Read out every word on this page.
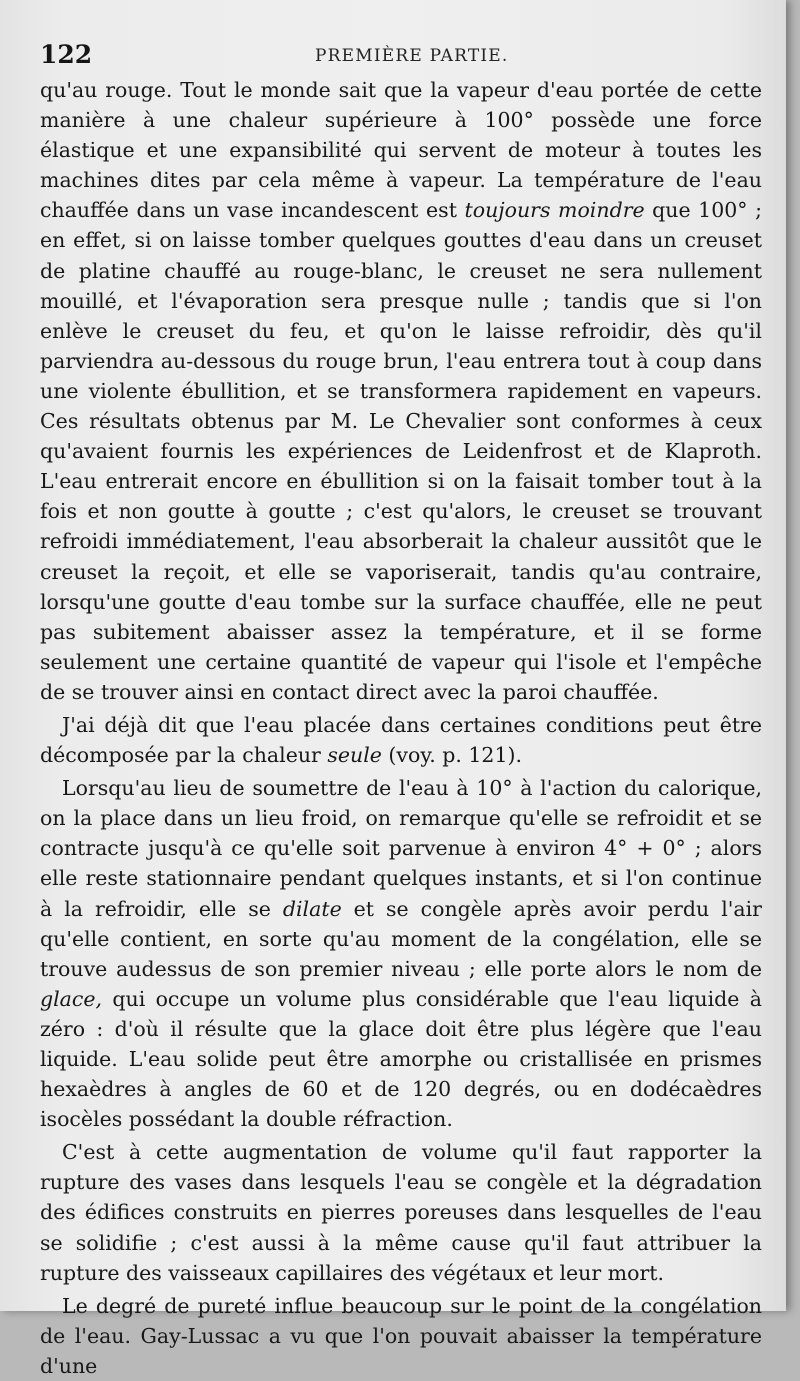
122	PREMIÈRE PARTIE.

qu'au rouge. Tout le monde sait que la vapeur d'eau portée de cette manière à une chaleur supérieure à 100° possède une force élastique et une expansibilité qui servent de moteur à toutes les machines dites par cela même à vapeur. La température de l'eau chauffée dans un vase incandescent est toujours moindre que 100° ; en effet, si on laisse tomber quelques gouttes d'eau dans un creuset de platine chauffé au rouge-blanc, le creuset ne sera nullement mouillé, et l'évaporation sera presque nulle ; tandis que si l'on enlève le creuset du feu, et qu'on le laisse refroidir, dès qu'il parviendra au-dessous du rouge brun, l'eau entrera tout à coup dans une violente ébullition, et se transformera rapidement en vapeurs. Ces résultats obtenus par M. Le Chevalier sont conformes à ceux qu'avaient fournis les expériences de Leidenfrost et de Klaproth. L'eau entrerait encore en ébullition si on la faisait tomber tout à la fois et non goutte à goutte ; c'est qu'alors, le creuset se trouvant refroidi immédiatement, l'eau absorberait la chaleur aussitôt que le creuset la reçoit, et elle se vaporiserait, tandis qu'au contraire, lorsqu'une goutte d'eau tombe sur la surface chauffée, elle ne peut pas subitement abaisser assez la température, et il se forme seulement une certaine quantité de vapeur qui l'isole et l'empêche de se trouver ainsi en contact direct avec la paroi chauffée.

J'ai déjà dit que l'eau placée dans certaines conditions peut être décomposée par la chaleur seule (voy. p. 121).

Lorsqu'au lieu de soumettre de l'eau à 10° à l'action du calorique, on la place dans un lieu froid, on remarque qu'elle se refroidit et se contracte jusqu'à ce qu'elle soit parvenue à environ 4° + 0° ; alors elle reste stationnaire pendant quelques instants, et si l'on continue à la refroidir, elle se dilate et se congèle après avoir perdu l'air qu'elle contient, en sorte qu'au moment de la congélation, elle se trouve audessus de son premier niveau ; elle porte alors le nom de glace, qui occupe un volume plus considérable que l'eau liquide à zéro : d'où il résulte que la glace doit être plus légère que l'eau liquide. L'eau solide peut être amorphe ou cristallisée en prismes hexaèdres à angles de 60 et de 120 degrés, ou en dodécaèdres isocèles possédant la double réfraction.

C'est à cette augmentation de volume qu'il faut rapporter la rupture des vases dans lesquels l'eau se congèle et la dégradation des édifices construits en pierres poreuses dans lesquelles de l'eau se solidifie ; c'est aussi à la même cause qu'il faut attribuer la rupture des vaisseaux capillaires des végétaux et leur mort.

Le degré de pureté influe beaucoup sur le point de la congélation de l'eau. Gay-Lussac a vu que l'on pouvait abaisser la température d'une
